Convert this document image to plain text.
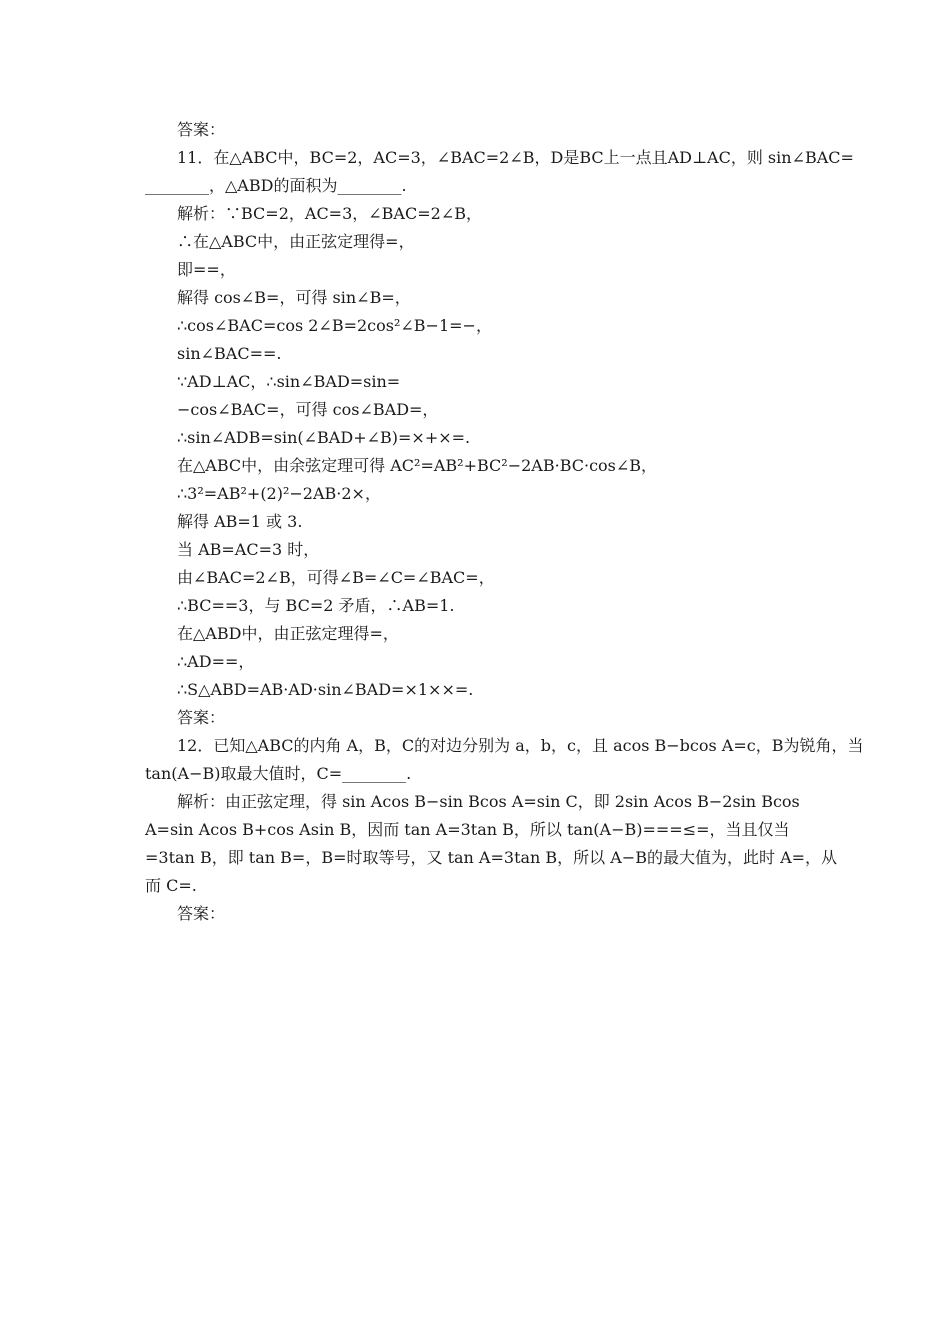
答案：
11．在△ABC中，BC=2，AC=3，∠BAC=2∠B，D是BC上一点且AD⊥AC，则 sin∠BAC=
________，△ABD的面积为________.
解析：∵BC=2，AC=3，∠BAC=2∠B，
∴在△ABC中，由正弦定理得=，
即==，
解得 cos∠B=，可得 sin∠B=，
∴cos∠BAC=cos 2∠B=2cos²∠B−1=−，
sin∠BAC==.
∵AD⊥AC，∴sin∠BAD=sin=
−cos∠BAC=，可得 cos∠BAD=，
∴sin∠ADB=sin(∠BAD+∠B)=×+×=.
在△ABC中，由余弦定理可得 AC²=AB²+BC²−2AB·BC·cos∠B，
∴3²=AB²+(2)²−2AB·2×，
解得 AB=1 或 3.
当 AB=AC=3 时，
由∠BAC=2∠B，可得∠B=∠C=∠BAC=，
∴BC==3，与 BC=2 矛盾，∴AB=1.
在△ABD中，由正弦定理得=，
∴AD==，
∴S△ABD=AB·AD·sin∠BAD=×1××=.
答案：
12．已知△ABC的内角 A，B，C的对边分别为 a，b，c，且 acos B−bcos A=c，B为锐角，当
tan(A−B)取最大值时，C=________.
解析：由正弦定理，得 sin Acos B−sin Bcos A=sin C，即 2sin Acos B−2sin Bcos
A=sin Acos B+cos Asin B，因而 tan A=3tan B，所以 tan(A−B)===≤=，当且仅当
=3tan B，即 tan B=，B=时取等号，又 tan A=3tan B，所以 A−B的最大值为，此时 A=，从
而 C=.
答案：
